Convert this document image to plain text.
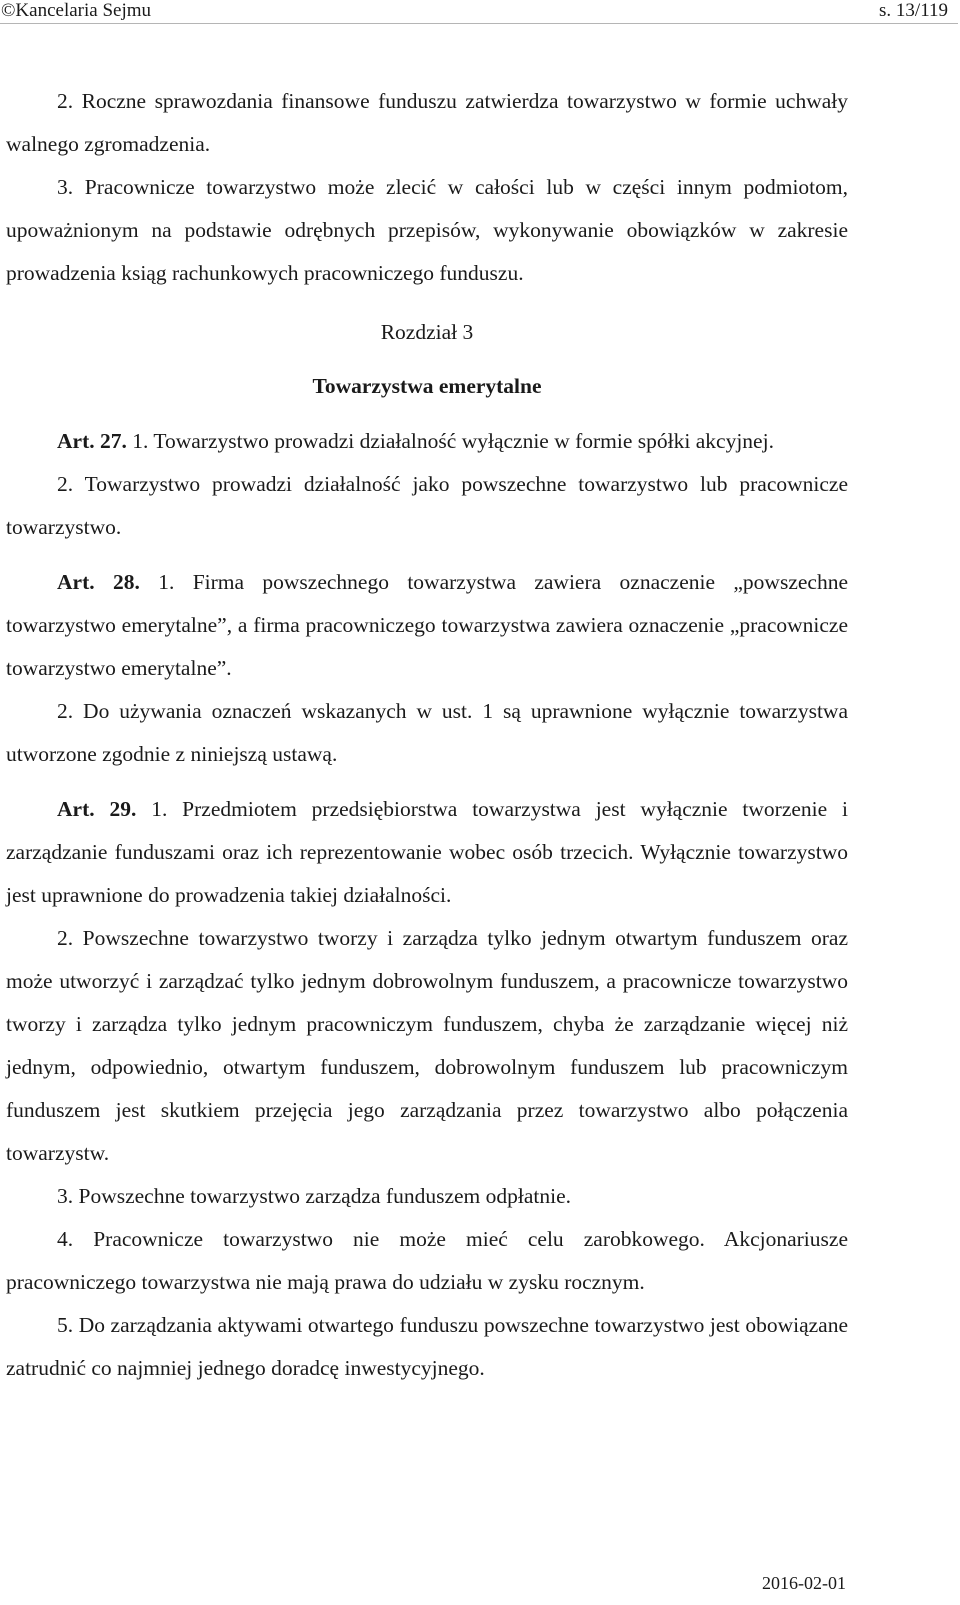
©Kancelaria Sejmu	s. 13/119

2. Roczne sprawozdania finansowe funduszu zatwierdza towarzystwo w formie uchwały walnego zgromadzenia.

3. Pracownicze towarzystwo może zlecić w całości lub w części innym podmiotom, upoważnionym na podstawie odrębnych przepisów, wykonywanie obowiązków w zakresie prowadzenia ksiąg rachunkowych pracowniczego funduszu.

Rozdział 3

Towarzystwa emerytalne

Art. 27. 1. Towarzystwo prowadzi działalność wyłącznie w formie spółki akcyjnej.

2. Towarzystwo prowadzi działalność jako powszechne towarzystwo lub pracownicze towarzystwo.

Art. 28. 1. Firma powszechnego towarzystwa zawiera oznaczenie „powszechne towarzystwo emerytalne”, a firma pracowniczego towarzystwa zawiera oznaczenie „pracownicze towarzystwo emerytalne”.

2. Do używania oznaczeń wskazanych w ust. 1 są uprawnione wyłącznie towarzystwa utworzone zgodnie z niniejszą ustawą.

Art. 29. 1. Przedmiotem przedsiębiorstwa towarzystwa jest wyłącznie tworzenie i zarządzanie funduszami oraz ich reprezentowanie wobec osób trzecich. Wyłącznie towarzystwo jest uprawnione do prowadzenia takiej działalności.

2. Powszechne towarzystwo tworzy i zarządza tylko jednym otwartym funduszem oraz może utworzyć i zarządzać tylko jednym dobrowolnym funduszem, a pracownicze towarzystwo tworzy i zarządza tylko jednym pracowniczym funduszem, chyba że zarządzanie więcej niż jednym, odpowiednio, otwartym funduszem, dobrowolnym funduszem lub pracowniczym funduszem jest skutkiem przejęcia jego zarządzania przez towarzystwo albo połączenia towarzystw.

3. Powszechne towarzystwo zarządza funduszem odpłatnie.

4. Pracownicze towarzystwo nie może mieć celu zarobkowego. Akcjonariusze pracowniczego towarzystwa nie mają prawa do udziału w zysku rocznym.

5. Do zarządzania aktywami otwartego funduszu powszechne towarzystwo jest obowiązane zatrudnić co najmniej jednego doradcę inwestycyjnego.

2016-02-01
